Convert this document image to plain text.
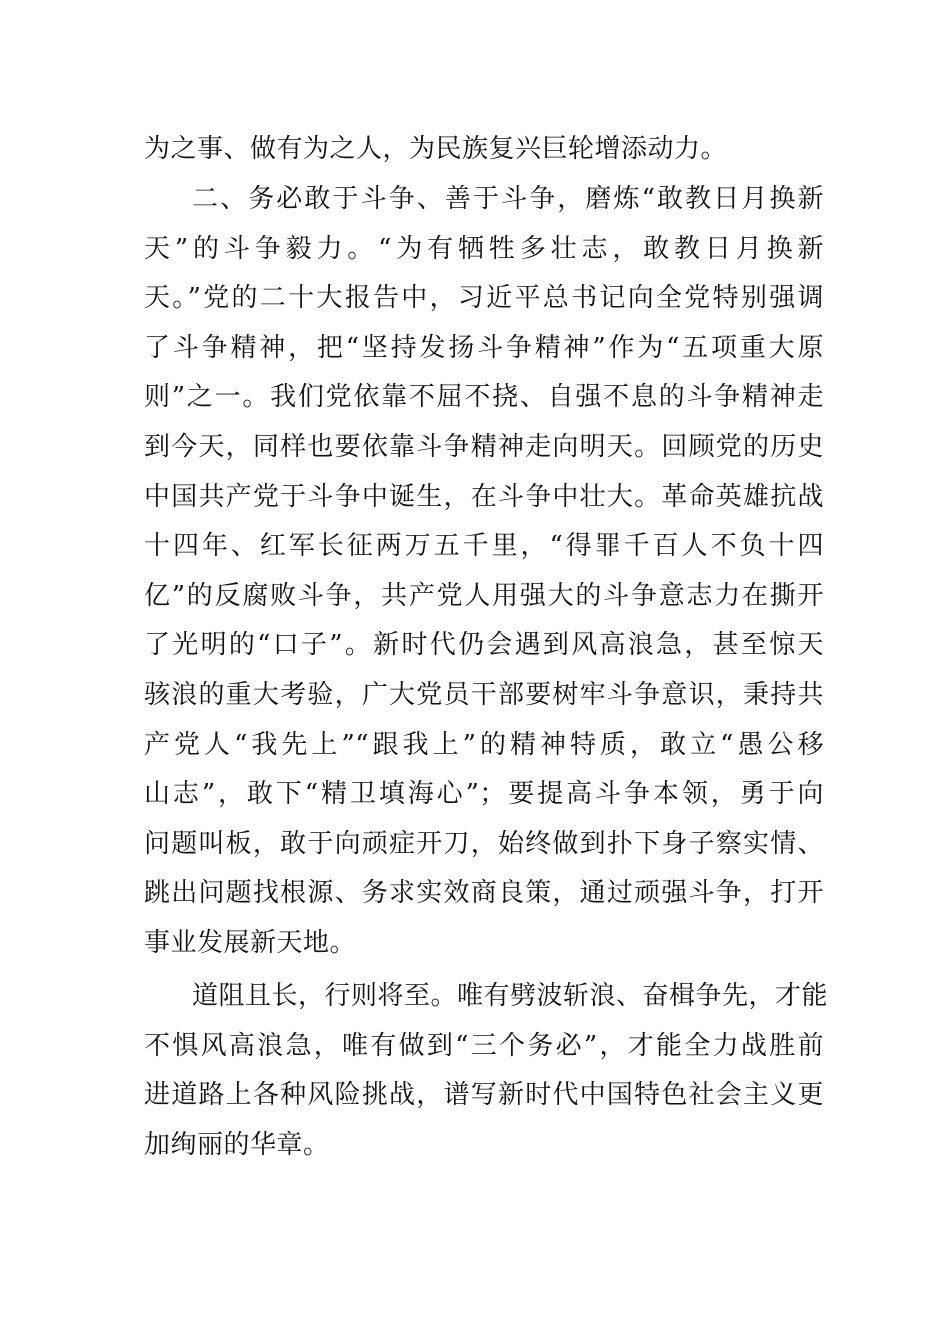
为之事、做有为之人，为民族复兴巨轮增添动力。
二、务必敢于斗争、善于斗争，磨炼“敢教日月换新
天”的斗争毅力。“为有牺牲多壮志，敢教日月换新
天。”党的二十大报告中，习近平总书记向全党特别强调
了斗争精神，把“坚持发扬斗争精神”作为“五项重大原
则”之一。我们党依靠不屈不挠、自强不息的斗争精神走
到今天，同样也要依靠斗争精神走向明天。回顾党的历史
中国共产党于斗争中诞生，在斗争中壮大。革命英雄抗战
十四年、红军长征两万五千里，“得罪千百人不负十四
亿”的反腐败斗争，共产党人用强大的斗争意志力在撕开
了光明的“口子”。新时代仍会遇到风高浪急，甚至惊天
骇浪的重大考验，广大党员干部要树牢斗争意识，秉持共
产党人“我先上”“跟我上”的精神特质，敢立“愚公移
山志”，敢下“精卫填海心”；要提高斗争本领，勇于向
问题叫板，敢于向顽症开刀，始终做到扑下身子察实情、
跳出问题找根源、务求实效商良策，通过顽强斗争，打开
事业发展新天地。
道阻且长，行则将至。唯有劈波斩浪、奋楫争先，才能
不惧风高浪急，唯有做到“三个务必”，才能全力战胜前
进道路上各种风险挑战，谱写新时代中国特色社会主义更
加绚丽的华章。
